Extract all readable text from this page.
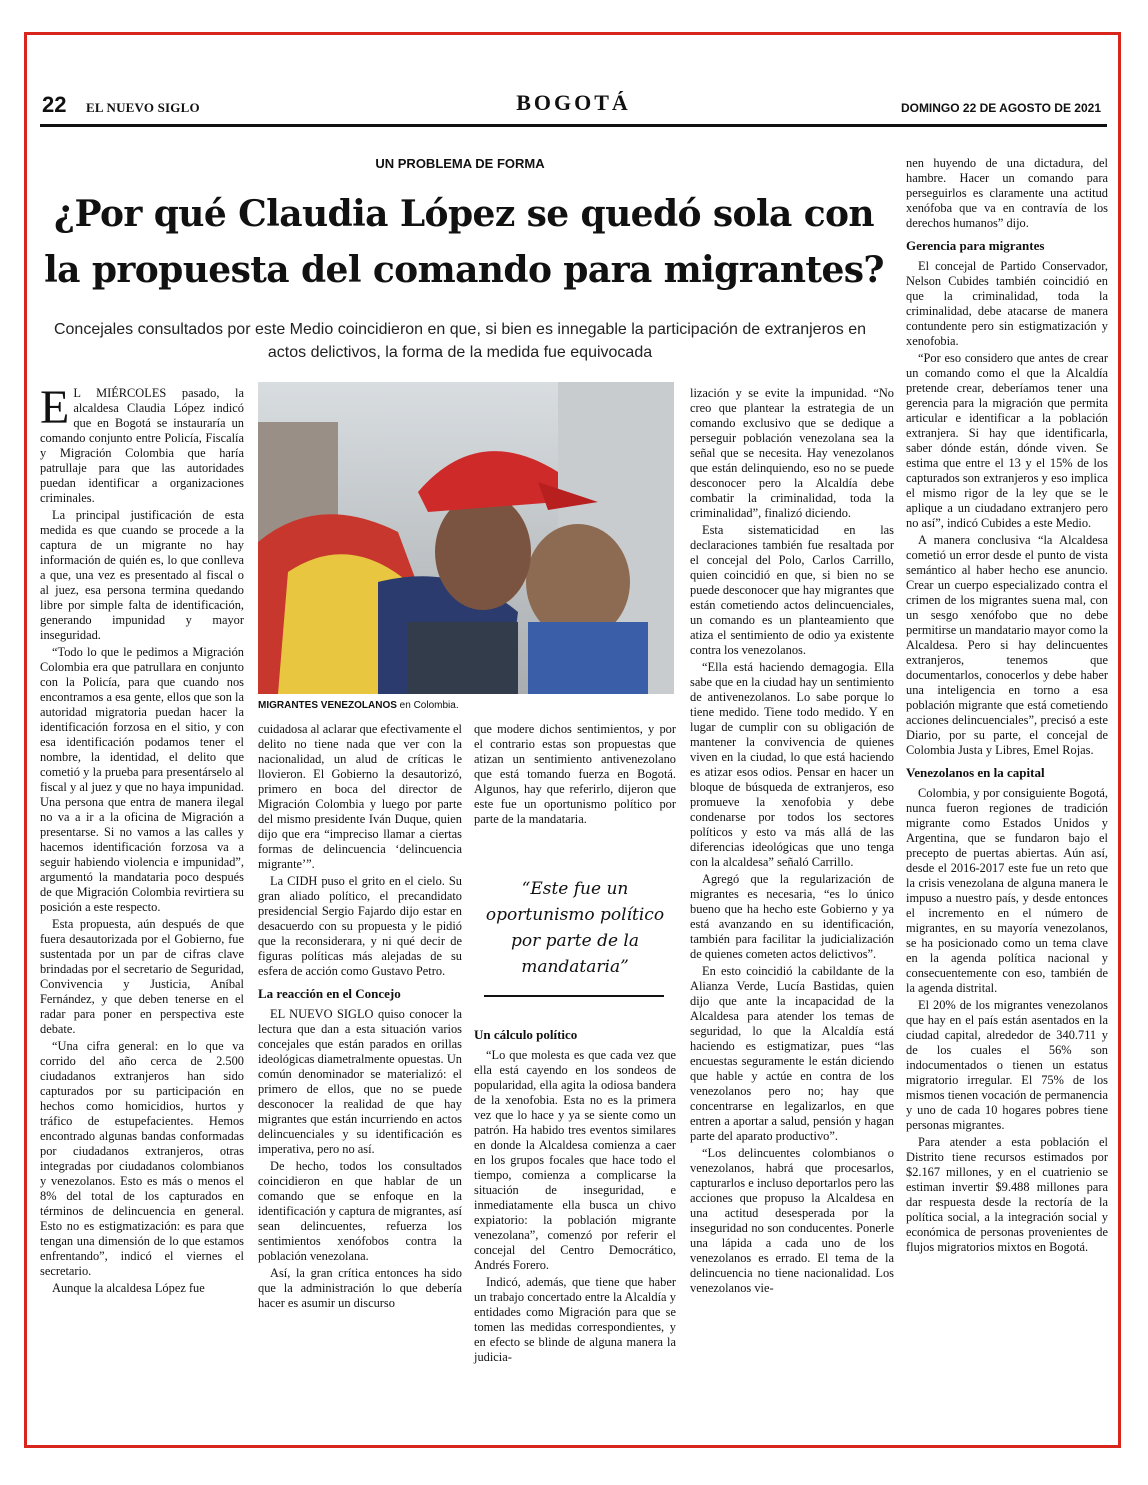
22 EL NUEVO SIGLO	BOGOTÁ	DOMINGO 22 DE AGOSTO DE 2021
UN PROBLEMA DE FORMA
¿Por qué Claudia López se quedó sola con la propuesta del comando para migrantes?
Concejales consultados por este Medio coincidieron en que, si bien es innegable la participación de extranjeros en actos delictivos, la forma de la medida fue equivocada
MIGRANTES VENEZOLANOS en Colombia.

E L MIÉRCOLES pasado, la alcaldesa Claudia López indicó que en Bogotá se instauraría un comando conjunto entre Policía, Fiscalía y Migración Colombia que haría patrullaje para que las autoridades puedan identificar a organizaciones criminales.

La principal justificación de esta medida es que cuando se procede a la captura de un migrante no hay información de quién es, lo que conlleva a que, una vez es presentado al fiscal o al juez, esa persona termina quedando libre por simple falta de identificación, generando impunidad y mayor inseguridad.

“Todo lo que le pedimos a Migración Colombia era que patrullara en conjunto con la Policía, para que cuando nos encontramos a esa gente, ellos que son la autoridad migratoria puedan hacer la identificación forzosa en el sitio, y con esa identificación podamos tener el nombre, la identidad, el delito que cometió y la prueba para presentárselo al fiscal y al juez y que no haya impunidad. Una persona que entra de manera ilegal no va a ir a la oficina de Migración a presentarse. Si no vamos a las calles y hacemos identificación forzosa va a seguir habiendo violencia e impunidad”, argumentó la mandataria poco después de que Migración Colombia revirtiera su posición a este respecto.

Esta propuesta, aún después de que fuera desautorizada por el Gobierno, fue sustentada por un par de cifras clave brindadas por el secretario de Seguridad, Convivencia y Justicia, Aníbal Fernández, y que deben tenerse en el radar para poner en perspectiva este debate.

“Una cifra general: en lo que va corrido del año cerca de 2.500 ciudadanos extranjeros han sido capturados por su participación en hechos como homicidios, hurtos y tráfico de estupefacientes. Hemos encontrado algunas bandas conformadas por ciudadanos extranjeros, otras integradas por ciudadanos colombianos y venezolanos. Esto es más o menos el 8% del total de los capturados en términos de delincuencia en general. Esto no es estigmatización: es para que tengan una dimensión de lo que estamos enfrentando”, indicó el viernes el secretario.

Aunque la alcaldesa López fue

cuidadosa al aclarar que efectivamente el delito no tiene nada que ver con la nacionalidad, un alud de críticas le llovieron. El Gobierno la desautorizó, primero en boca del director de Migración Colombia y luego por parte del mismo presidente Iván Duque, quien dijo que era “impreciso llamar a ciertas formas de delincuencia ‘delincuencia migrante’”.

La CIDH puso el grito en el cielo. Su gran aliado político, el precandidato presidencial Sergio Fajardo dijo estar en desacuerdo con su propuesta y le pidió que la reconsiderara, y ni qué decir de figuras políticas más alejadas de su esfera de acción como Gustavo Petro.

La reacción en el Concejo

EL NUEVO SIGLO quiso conocer la lectura que dan a esta situación varios concejales que están parados en orillas ideológicas diametralmente opuestas. Un común denominador se materializó: el primero de ellos, que no se puede desconocer la realidad de que hay migrantes que están incurriendo en actos delincuenciales y su identificación es imperativa, pero no así.

De hecho, todos los consultados coincidieron en que hablar de un comando que se enfoque en la identificación y captura de migrantes, así sean delincuentes, refuerza los sentimientos xenófobos contra la población venezolana.

Así, la gran crítica entonces ha sido que la administración lo que debería hacer es asumir un discurso

que modere dichos sentimientos, y por el contrario estas son propuestas que atizan un sentimiento antivenezolano que está tomando fuerza en Bogotá. Algunos, hay que referirlo, dijeron que este fue un oportunismo político por parte de la mandataria.

“Este fue un oportunismo político por parte de la mandataria”
Un cálculo político

“Lo que molesta es que cada vez que ella está cayendo en los sondeos de popularidad, ella agita la odiosa bandera de la xenofobia. Esta no es la primera vez que lo hace y ya se siente como un patrón. Ha habido tres eventos similares en donde la Alcaldesa comienza a caer en los grupos focales que hace todo el tiempo, comienza a complicarse la situación de inseguridad, e inmediatamente ella busca un chivo expiatorio: la población migrante venezolana”, comenzó por referir el concejal del Centro Democrático, Andrés Forero.

Indicó, además, que tiene que haber un trabajo concertado entre la Alcaldía y entidades como Migración para que se tomen las medidas correspondientes, y en efecto se blinde de alguna manera la judicia-

lización y se evite la impunidad. “No creo que plantear la estrategia de un comando exclusivo que se dedique a perseguir población venezolana sea la señal que se necesita. Hay venezolanos que están delinquiendo, eso no se puede desconocer pero la Alcaldía debe combatir la criminalidad, toda la criminalidad”, finalizó diciendo.

Esta sistematicidad en las declaraciones también fue resaltada por el concejal del Polo, Carlos Carrillo, quien coincidió en que, si bien no se puede desconocer que hay migrantes que están cometiendo actos delincuenciales, un comando es un planteamiento que atiza el sentimiento de odio ya existente contra los venezolanos.

“Ella está haciendo demagogia. Ella sabe que en la ciudad hay un sentimiento de antivenezolanos. Lo sabe porque lo tiene medido. Tiene todo medido. Y en lugar de cumplir con su obligación de mantener la convivencia de quienes viven en la ciudad, lo que está haciendo es atizar esos odios. Pensar en hacer un bloque de búsqueda de extranjeros, eso promueve la xenofobia y debe condenarse por todos los sectores políticos y esto va más allá de las diferencias ideológicas que uno tenga con la alcaldesa” señaló Carrillo.

Agregó que la regularización de migrantes es necesaria, “es lo único bueno que ha hecho este Gobierno y ya está avanzando en su identificación, también para facilitar la judicialización de quienes cometen actos delictivos”.

En esto coincidió la cabildante de la Alianza Verde, Lucía Bastidas, quien dijo que ante la incapacidad de la Alcaldesa para atender los temas de seguridad, lo que la Alcaldía está haciendo es estigmatizar, pues “las encuestas seguramente le están diciendo que hable y actúe en contra de los venezolanos pero no; hay que concentrarse en legalizarlos, en que entren a aportar a salud, pensión y hagan parte del aparato productivo”.

“Los delincuentes colombianos o venezolanos, habrá que procesarlos, capturarlos e incluso deportarlos pero las acciones que propuso la Alcaldesa en una actitud desesperada por la inseguridad no son conducentes. Ponerle una lápida a cada uno de los venezolanos es errado. El tema de la delincuencia no tiene nacionalidad. Los venezolanos vie-

nen huyendo de una dictadura, del hambre. Hacer un comando para perseguirlos es claramente una actitud xenófoba que va en contravía de los derechos humanos” dijo.

Gerencia para migrantes

El concejal de Partido Conservador, Nelson Cubides también coincidió en que la criminalidad, toda la criminalidad, debe atacarse de manera contundente pero sin estigmatización y xenofobia.

“Por eso considero que antes de crear un comando como el que la Alcaldía pretende crear, deberíamos tener una gerencia para la migración que permita articular e identificar a la población extranjera. Si hay que identificarla, saber dónde están, dónde viven. Se estima que entre el 13 y el 15% de los capturados son extranjeros y eso implica el mismo rigor de la ley que se le aplique a un ciudadano extranjero pero no así”, indicó Cubides a este Medio.

A manera conclusiva “la Alcaldesa cometió un error desde el punto de vista semántico al haber hecho ese anuncio. Crear un cuerpo especializado contra el crimen de los migrantes suena mal, con un sesgo xenófobo que no debe permitirse un mandatario mayor como la Alcaldesa. Pero si hay delincuentes extranjeros, tenemos que documentarlos, conocerlos y debe haber una inteligencia en torno a esa población migrante que está cometiendo acciones delincuenciales”, precisó a este Diario, por su parte, el concejal de Colombia Justa y Libres, Emel Rojas.

Venezolanos en la capital

Colombia, y por consiguiente Bogotá, nunca fueron regiones de tradición migrante como Estados Unidos y Argentina, que se fundaron bajo el precepto de puertas abiertas. Aún así, desde el 2016-2017 este fue un reto que la crisis venezolana de alguna manera le impuso a nuestro país, y desde entonces el incremento en el número de migrantes, en su mayoría venezolanos, se ha posicionado como un tema clave en la agenda política nacional y consecuentemente con eso, también de la agenda distrital.

El 20% de los migrantes venezolanos que hay en el país están asentados en la ciudad capital, alrededor de 340.711 y de los cuales el 56% son indocumentados o tienen un estatus migratorio irregular. El 75% de los mismos tienen vocación de permanencia y uno de cada 10 hogares pobres tiene personas migrantes.

Para atender a esta población el Distrito tiene recursos estimados por $2.167 millones, y en el cuatrienio se estiman invertir $9.488 millones para dar respuesta desde la rectoría de la política social, a la integración social y económica de personas provenientes de flujos migratorios mixtos en Bogotá.
